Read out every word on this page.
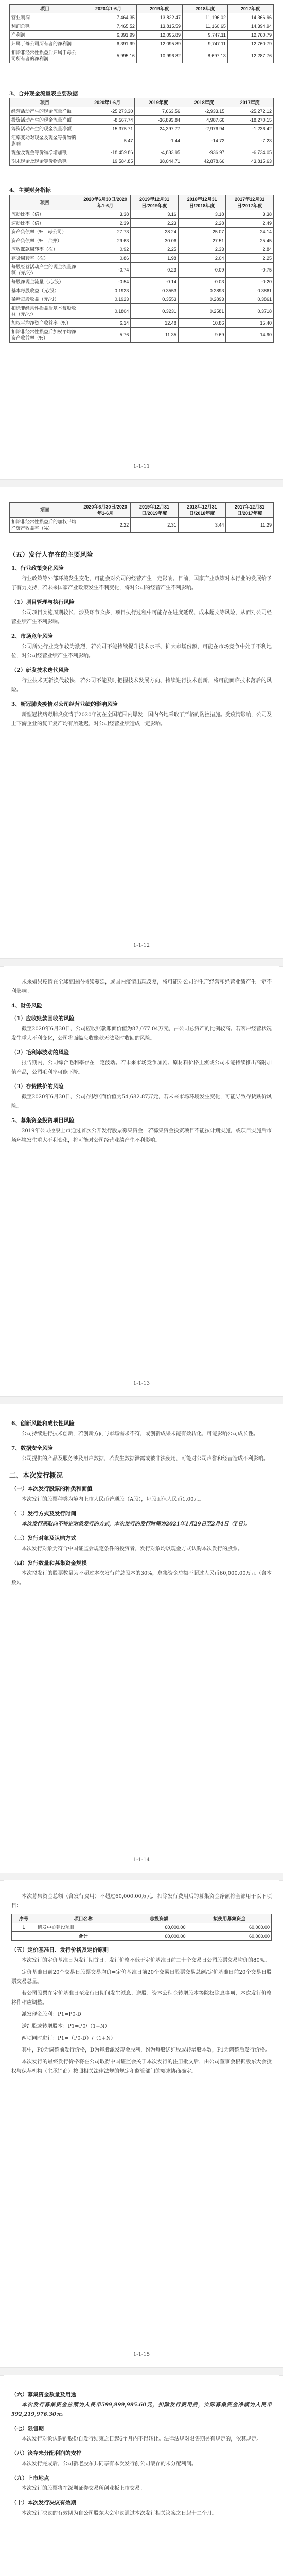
项目	2020年1-6月	2019年度	2018年度	2017年度
营业利润	7,464.35	13,822.47	11,196.02	14,366.96
利润总额	7,465.52	13,815.59	11,160.65	14,394.94
净利润	6,391.99	12,095.89	9,747.11	12,760.79
归属于母公司所有者的净利润	6,391.99	12,095.89	9,747.11	12,760.79
扣除非经常性损益后归属于母公司所有者的净利润	5,995.16	10,996.82	8,697.13	12,287.76
3、合并现金流量表主要数据
项目	2020年1-6月	2019年度	2018年度	2017年度
经营活动产生的现金流量净额	-25,273.30	7,663.56	-2,933.15	-25,272.12
投资活动产生的现金流量净额	-8,567.74	-36,893.84	4,987.66	-18,270.15
筹资活动产生的现金流量净额	15,375.71	24,397.77	-2,976.94	-1,236.42
汇率变动对现金及现金等价物的影响	5.47	-1.44	-14.72	-7.23
现金及现金等价物净增加额	-18,459.86	-4,833.95	-936.97	-6,734.05
期末现金及现金等价物余额	19,584.85	38,044.71	42,878.66	43,815.63
4、主要财务指标
项目	2020年6月30日/2020年1-6月	2019年12月31日/2019年度	2018年12月31日/2018年度	2017年12月31日/2017年度
流动比率（倍）	3.38	3.16	3.18	3.38
速动比率（倍）	2.39	2.23	2.28	2.49
资产负债率（%，母公司）	27.73	28.24	25.07	24.14
资产负债率（%，合并）	29.63	30.06	27.51	25.45
应收账款周转率（次）	0.92	2.25	2.33	2.84
存货周转率（次）	0.86	1.98	2.04	2.25
每股经营活动产生的现金流量净额（元/股）	-0.74	0.23	-0.09	-0.75
每股净现金流量（元/股）	-0.54	-0.14	-0.03	-0.20
基本每股收益（元/股）	0.1923	0.3553	0.2893	0.3861
稀释每股收益（元/股）	0.1923	0.3553	0.2893	0.3861
扣除非经常性损益后基本每股收益（元/股）	0.1804	0.3231	0.2581	0.3718
加权平均净资产收益率（%）	6.14	12.48	10.86	15.40
扣除非经常性损益后加权平均净资产收益率（%）	5.76	11.35	9.69	14.90
1-1-11
项目	2020年6月30日/2020年1-6月	2019年12月31日/2019年度	2018年12月31日/2018年度	2017年12月31日/2017年度
扣除非经常性损益后的加权平均净资产收益率（%）	2.22	2.31	3.44	11.29
（五）发行人存在的主要风险
1、行业政策变化风险
行业政策等外部环境发生变化，可能会对公司的经营产生一定影响。目前，国家产业政策对本行业的发展给予了有力支持，若未来国家产业政策发生不利变化，将对公司的经营产生不利影响。
（1）项目管理与执行风险
公司项目实施周期较长，涉及环节众多，项目执行过程中可能存在进度延误、成本超支等风险，从而对公司经营业绩产生不利影响。
2、市场竞争风险
公司所处行业竞争较为激烈，若公司不能持续提升技术水平、扩大市场份额，可能在市场竞争中处于不利地位，对公司经营业绩产生不利影响。
（2）研发技术迭代风险
行业技术更新换代较快，若公司不能及时把握技术发展方向、持续进行技术创新，将可能面临技术落后的风险。
3、新冠肺炎疫情对公司经营业绩的影响风险
新型冠状病毒肺炎疫情于2020年初在全国范围内爆发，国内各地采取了严格的防控措施。受疫情影响，公司及上下游企业的复工复产均有所延迟，对公司经营业绩造成一定影响。
1-1-12
未来如果疫情在全球范围内持续蔓延，或国内疫情出现反复，将可能对公司的生产经营和经营业绩产生一定不利影响。
4、财务风险
（1）应收账款回收的风险
截至2020年6月30日，公司应收账款账面价值为87,077.04万元，占公司总资产的比例较高。若客户经营状况发生重大不利变化，公司将面临应收账款无法及时收回的风险。
（2）毛利率波动的风险
报告期内，公司综合毛利率存在一定波动。若未来市场竞争加剧、原材料价格上涨或公司未能持续推出高附加值产品，公司毛利率可能下降。
（3）存货跌价的风险
截至2020年6月30日，公司存货账面价值为54,682.87万元，若未来市场环境发生变化，可能导致存货跌价风险。
5、募集资金投资项目风险
2019年公司控股上市通过首次公开发行股票募集资金，若募集资金投资项目不能按计划实施，或项目实施后市场环境发生重大不利变化，将可能对公司经营业绩产生不利影响。
1-1-13
6、创新风险和成长性风险
公司持续进行技术创新，若创新方向与市场需求不符，或创新成果未能有效转化，可能影响公司成长性。
7、数据安全风险
公司提供的产品及服务涉及用户数据，若发生数据泄露或被非法使用，可能对公司声誉和经营造成不利影响。
二、本次发行概况
（一）本次发行股票的种类和面值
本次发行的股票种类为境内上市人民币普通股（A股），每股面值人民币1.00元。
（二）发行方式及发行时间
本次发行采取向不特定对象发行的方式，本次发行的发行时间为2021年1月29日至2月4日（T日）。
（三）发行对象及认购方式
本次发行对象为符合中国证监会规定条件的投资者，发行对象均以现金方式认购本次发行的股票。
（四）发行数量和募集资金规模
本次拟发行的股票数量为不超过本次发行前总股本的30%，募集资金总额不超过人民币60,000.00万元（含本数）。
1-1-14
本次募集资金总额（含发行费用）不超过60,000.00万元，扣除发行费用后的募集资金净额将全部用于以下项目：
序号	项目名称	总投资额	拟使用募集资金
1	研发中心建设项目	60,000.00	60,000.00
	合计	60,000.00	60,000.00
（五）定价基准日、发行价格及定价原则
本次发行的定价基准日为发行期首日。发行价格不低于定价基准日前二十个交易日公司股票交易均价的80%。
定价基准日前20个交易日股票交易均价=定价基准日前20个交易日股票交易总额/定价基准日前20个交易日股票交易总量。
若公司股票在定价基准日至发行日期间发生派息、送股、资本公积金转增股本等除权除息事项，本次发行价格将作相应调整。
派发现金股利：P1=P0-D
送红股或转增股本：P1=P0/（1+N）
两项同时进行：P1=（P0-D）/（1+N）
其中，P0为调整前发行价格，D为每股派发现金股利，N为每股送红股或转增股本数，P1为调整后发行价格。
本次发行的最终发行价格将在公司取得中国证监会关于本次发行的注册批文后，由公司董事会根据股东大会授权与保荐机构（主承销商）按照相关法律法规的规定和监管部门的要求协商确定。
1-1-15
（六）募集资金数量及用途
本次发行募集资金总额为人民币599,999,995.60元，扣除发行费用后，实际募集资金净额为人民币592,219,976.30元。
（七）限售期
本次发行对象认购的股份自发行结束之日起6个月内不得转让。法律法规对限售期另有规定的，依其规定。
（八）滚存未分配利润的安排
本次发行完成后，公司新老股东共同享有本次发行前公司滚存的未分配利润。
（九）上市地点
本次发行的股票将在深圳证券交易所创业板上市交易。
（十）本次发行决议有效期
本次发行决议的有效期为自公司股东大会审议通过本次发行相关议案之日起十二个月。
